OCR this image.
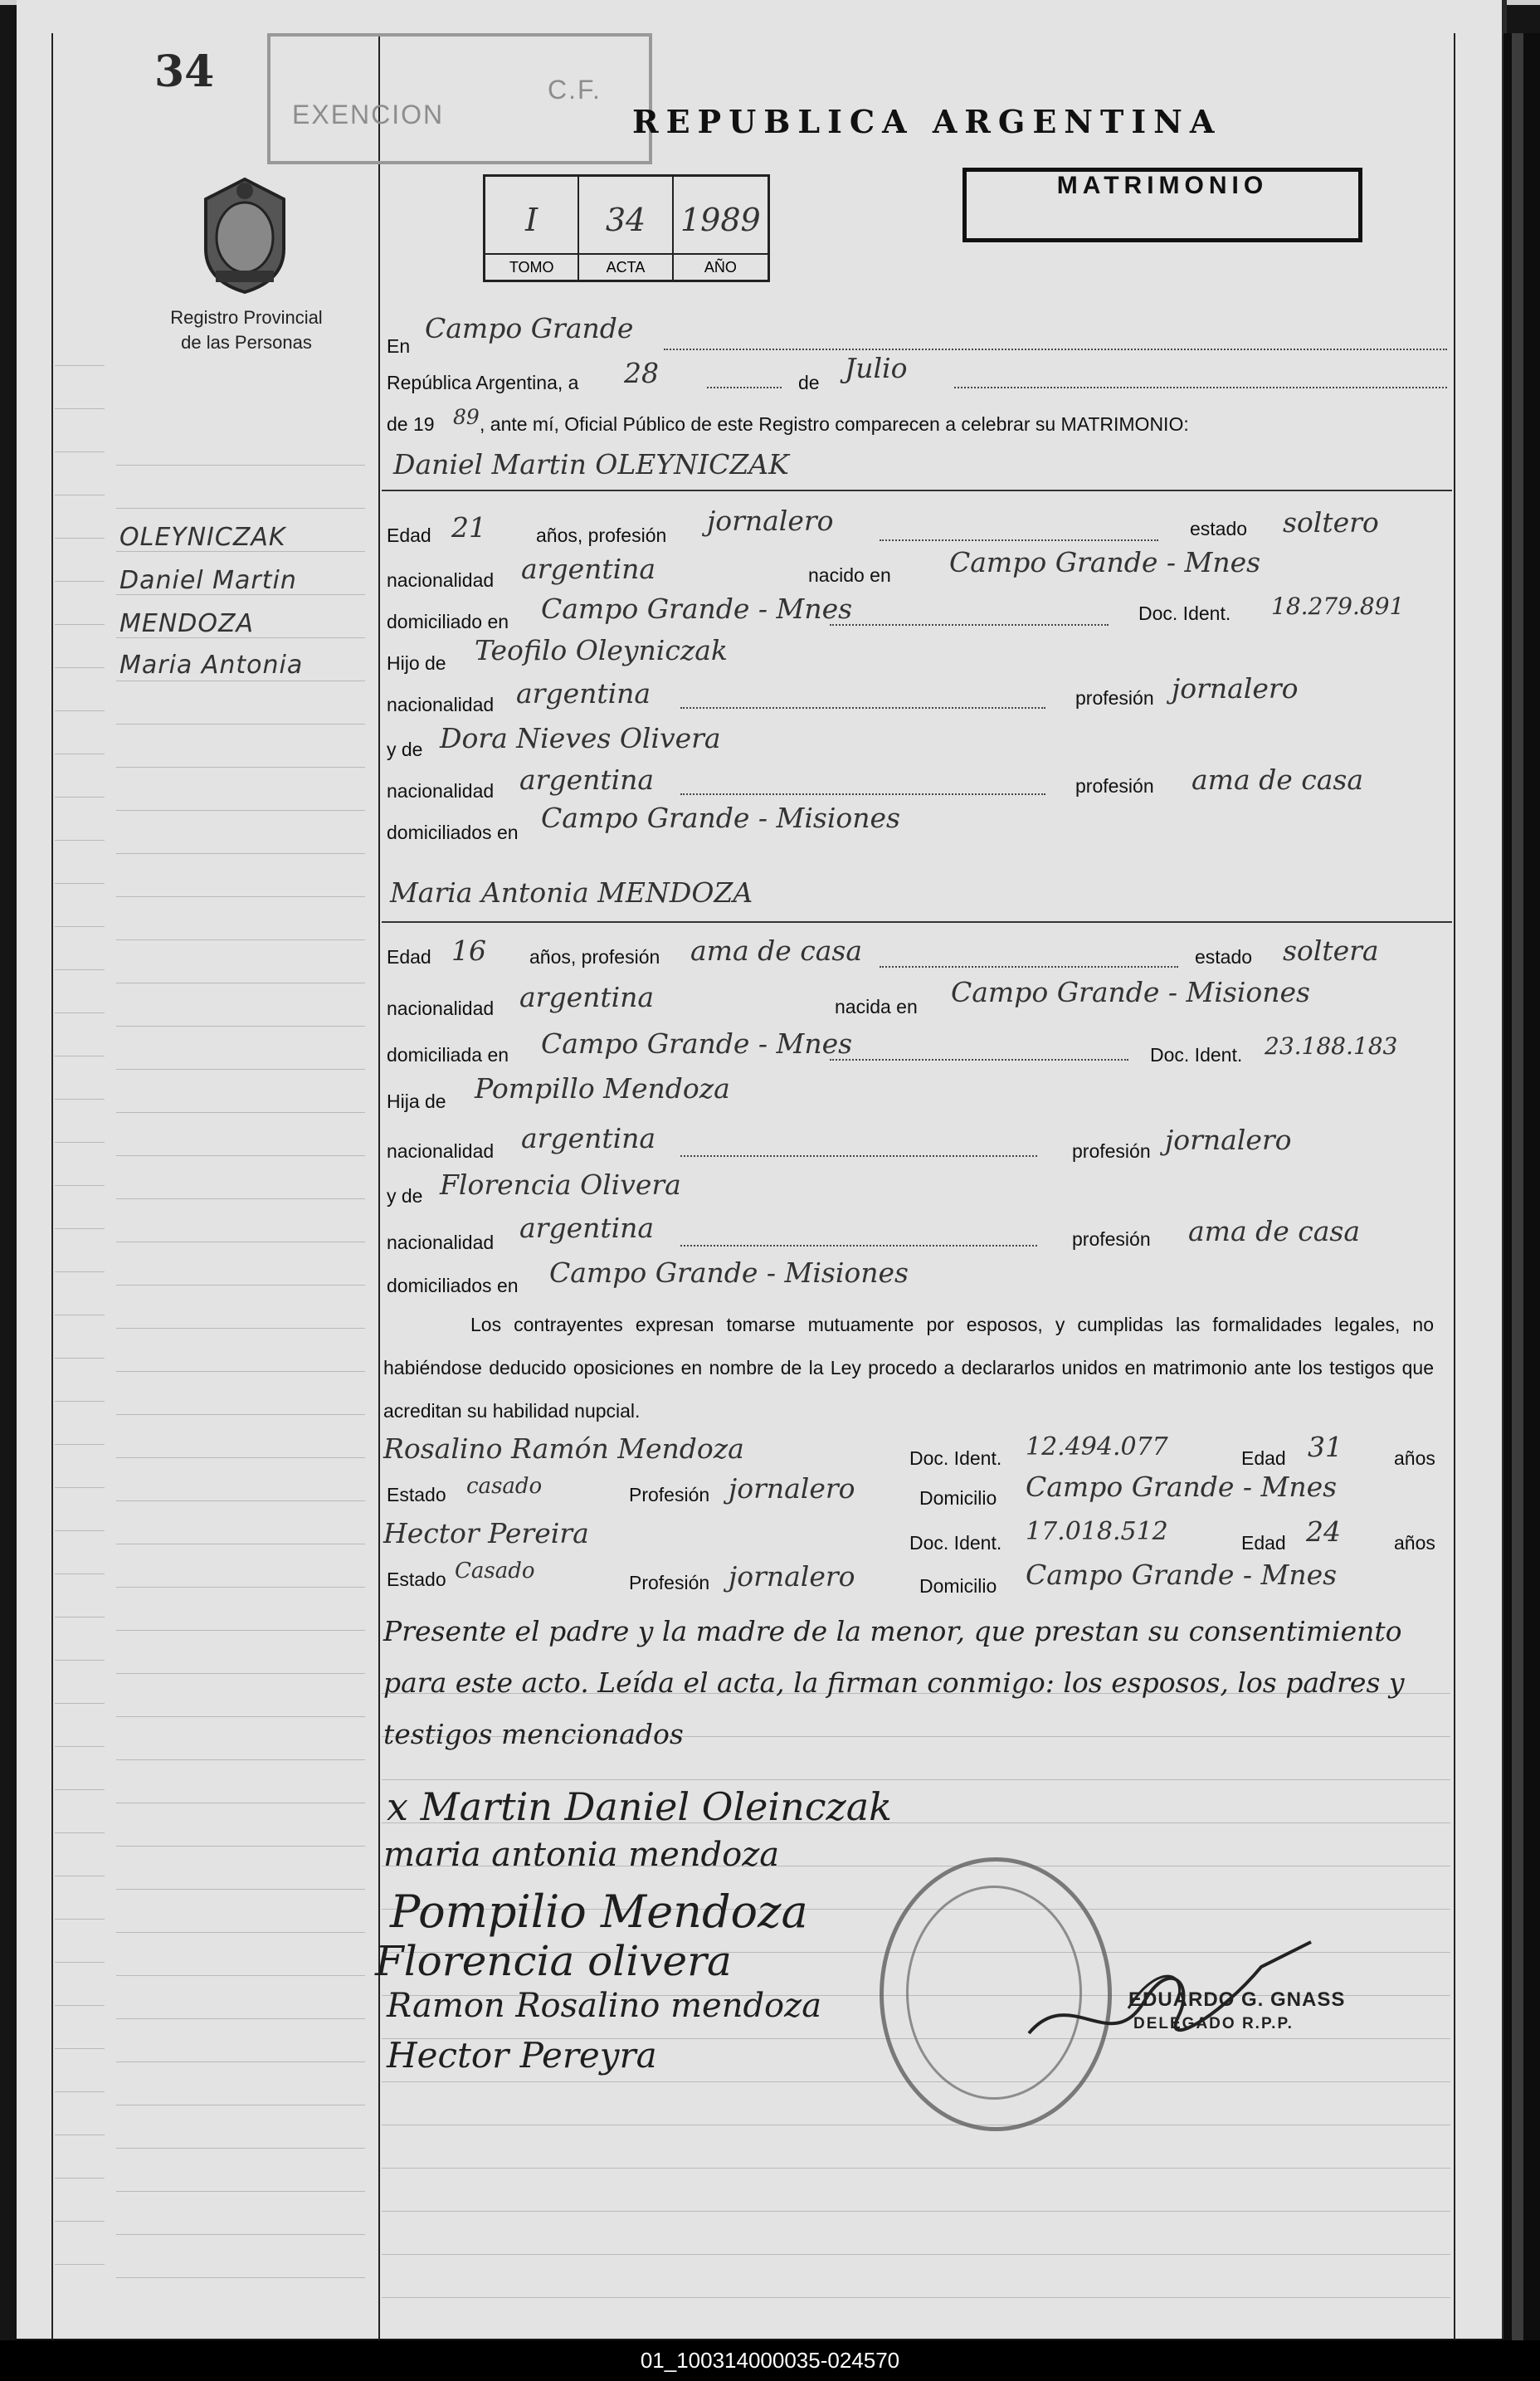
34
EXENCION
C.F.
REPUBLICA ARGENTINA
Registro Provincial
de las Personas
I
TOMO
34
ACTA
1989
AÑO
MATRIMONIO
En
Campo Grande
República Argentina, a 28	de Julio
de 19 89 , ante mí, Oficial Público de este Registro comparecen a celebrar su MATRIMONIO:
Daniel Martin OLEYNICZAK
Edad 21	años, profesión jornalero	estado soltero
nacionalidad argentina	nacido en Campo Grande - Mnes
domiciliado en Campo Grande - Mnes	Doc. Ident. 18.279.891
Hijo de Teofilo Oleyniczak
nacionalidad argentina	profesión jornalero
y de Dora Nieves Olivera
nacionalidad argentina	profesión ama de casa
domiciliados en Campo Grande - Misiones
Maria Antonia MENDOZA
Edad 16 años, profesión ama de casa	estado soltera
nacionalidad argentina	nacida en Campo Grande - Misiones
domiciliada en Campo Grande - Mnes	Doc. Ident. 23.188.183
Hija de Pompillo Mendoza
nacionalidad argentina	profesión jornalero
y de Florencia Olivera
nacionalidad argentina	profesión ama de casa
domiciliados en Campo Grande - Misiones
OLEYNICZAK
Daniel Martin
MENDOZA
Maria Antonia
Los contrayentes expresan tomarse mutuamente por esposos, y cumplidas las formalidades legales, no habiéndose deducido oposiciones en nombre de la Ley procedo a declararlos unidos en matrimonio ante los testigos que acreditan su habilidad nupcial.
Rosalino Ramón Mendoza	Doc. Ident. 12.494.077	Edad 31	años
Estado casado	Profesión jornalero	Domicilio Campo Grande - Mnes
Hector Pereira	Doc. Ident. 17.018.512	Edad 24	años
Estado Casado	Profesión jornalero	Domicilio Campo Grande - Mnes
Presente el padre y la madre de la menor, que prestan su consentimiento para este acto. Leída el acta, la firman conmigo: los esposos, los padres y testigos mencionados
x Martin Daniel Oleinczak
maria antonia mendoza
Pompilio Mendoza
Florencia olivera
Ramon Rosalino mendoza
Hector Pereyra
EDUARDO G. GNASS
DELEGADO R.P.P.
01_100314000035-024570
